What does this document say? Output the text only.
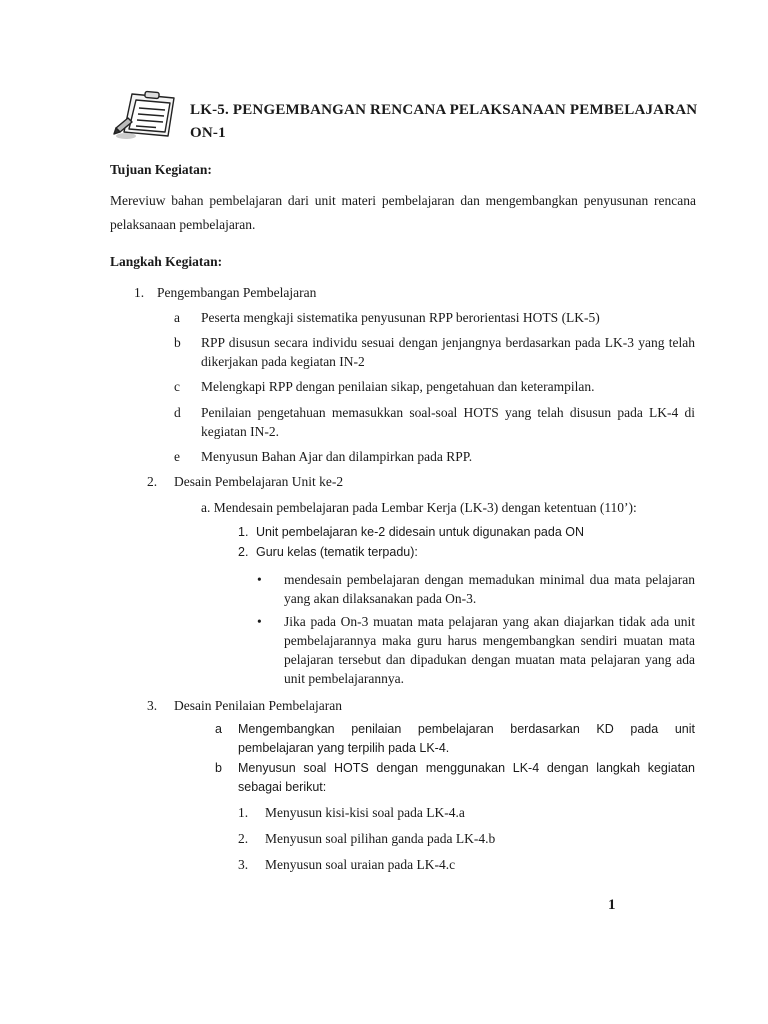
LK-5. PENGEMBANGAN RENCANA PELAKSANAAN PEMBELAJARAN
ON-1
Tujuan Kegiatan:
Mereviuw bahan pembelajaran dari unit materi pembelajaran dan mengembangkan penyusunan rencana pelaksanaan pembelajaran.
Langkah Kegiatan:
1. Pengembangan Pembelajaran
a Peserta mengkaji sistematika penyusunan RPP berorientasi HOTS (LK-5)
b RPP disusun secara individu sesuai dengan jenjangnya berdasarkan pada LK-3 yang telah dikerjakan pada kegiatan IN-2
c Melengkapi RPP dengan penilaian sikap, pengetahuan dan keterampilan.
d Penilaian pengetahuan memasukkan soal-soal HOTS yang telah disusun pada LK-4 di kegiatan IN-2.
e Menyusun Bahan Ajar dan dilampirkan pada RPP.
2. Desain Pembelajaran Unit ke-2
a. Mendesain pembelajaran pada Lembar Kerja (LK-3) dengan ketentuan (110’):
1. Unit pembelajaran ke-2 didesain untuk digunakan pada ON
2. Guru kelas (tematik terpadu):
• mendesain pembelajaran dengan memadukan minimal dua mata pelajaran yang akan dilaksanakan pada On-3.
• Jika pada On-3 muatan mata pelajaran yang akan diajarkan tidak ada unit pembelajarannya maka guru harus mengembangkan sendiri muatan mata pelajaran tersebut dan dipadukan dengan muatan mata pelajaran yang ada unit pembelajarannya.
3. Desain Penilaian Pembelajaran
a Mengembangkan penilaian pembelajaran berdasarkan KD pada unit pembelajaran yang terpilih pada LK-4.
b Menyusun soal HOTS dengan menggunakan LK-4 dengan langkah kegiatan sebagai berikut:
1. Menyusun kisi-kisi soal pada LK-4.a
2. Menyusun soal pilihan ganda pada LK-4.b
3. Menyusun soal uraian pada LK-4.c
1
